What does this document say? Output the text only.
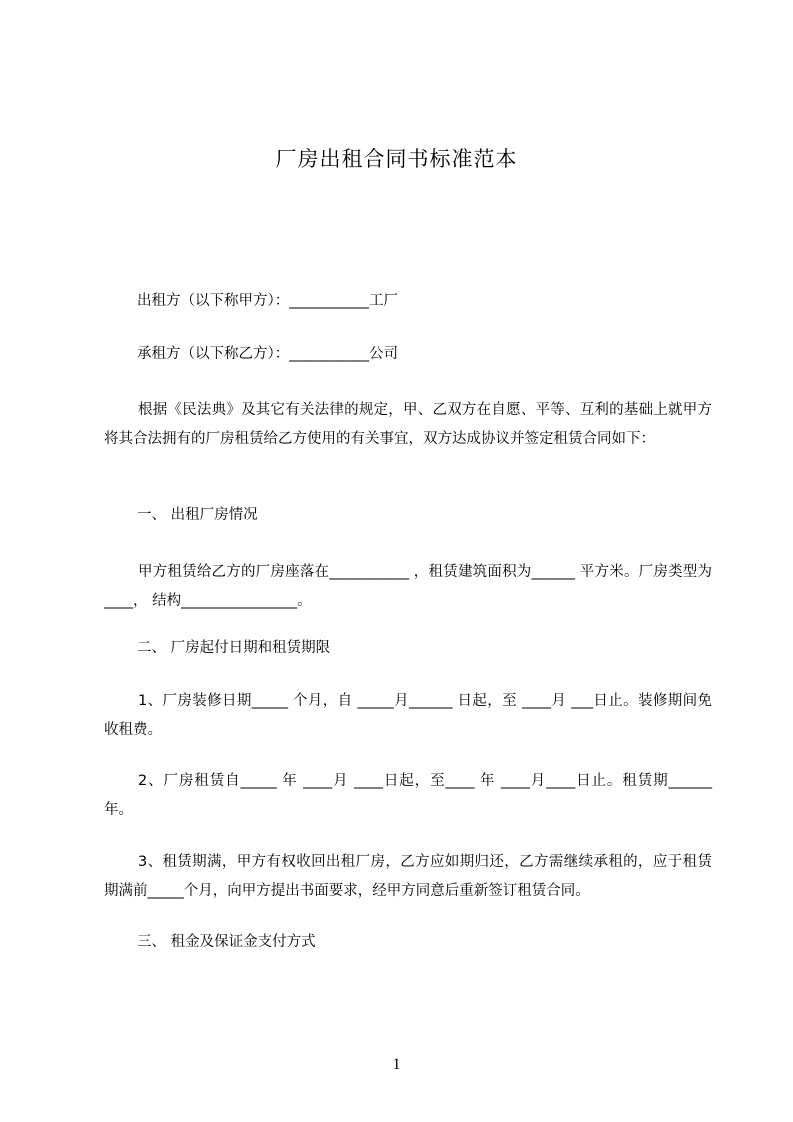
厂房出租合同书标准范本
出租方（以下称甲方）：___________工厂
承租方（以下称乙方）：___________公司
根据《民法典》及其它有关法律的规定，甲、乙双方在自愿、平等、互利的基础上就甲方将其合法拥有的厂房租赁给乙方使用的有关事宜，双方达成协议并签定租赁合同如下：
一、 出租厂房情况
甲方租赁给乙方的厂房座落在___________ ，租赁建筑面积为______ 平方米。厂房类型为____， 结构________________。
二、 厂房起付日期和租赁期限
1、厂房装修日期_____ 个月，自 _____月______ 日起，至 ____月 ___日止。装修期间免收租费。
2、厂房租赁自_____ 年 ____月 ____日起，至____ 年 ____月____日止。租赁期______年。
3、租赁期满，甲方有权收回出租厂房，乙方应如期归还，乙方需继续承租的，应于租赁期满前_____个月，向甲方提出书面要求，经甲方同意后重新签订租赁合同。
三、 租金及保证金支付方式
1
